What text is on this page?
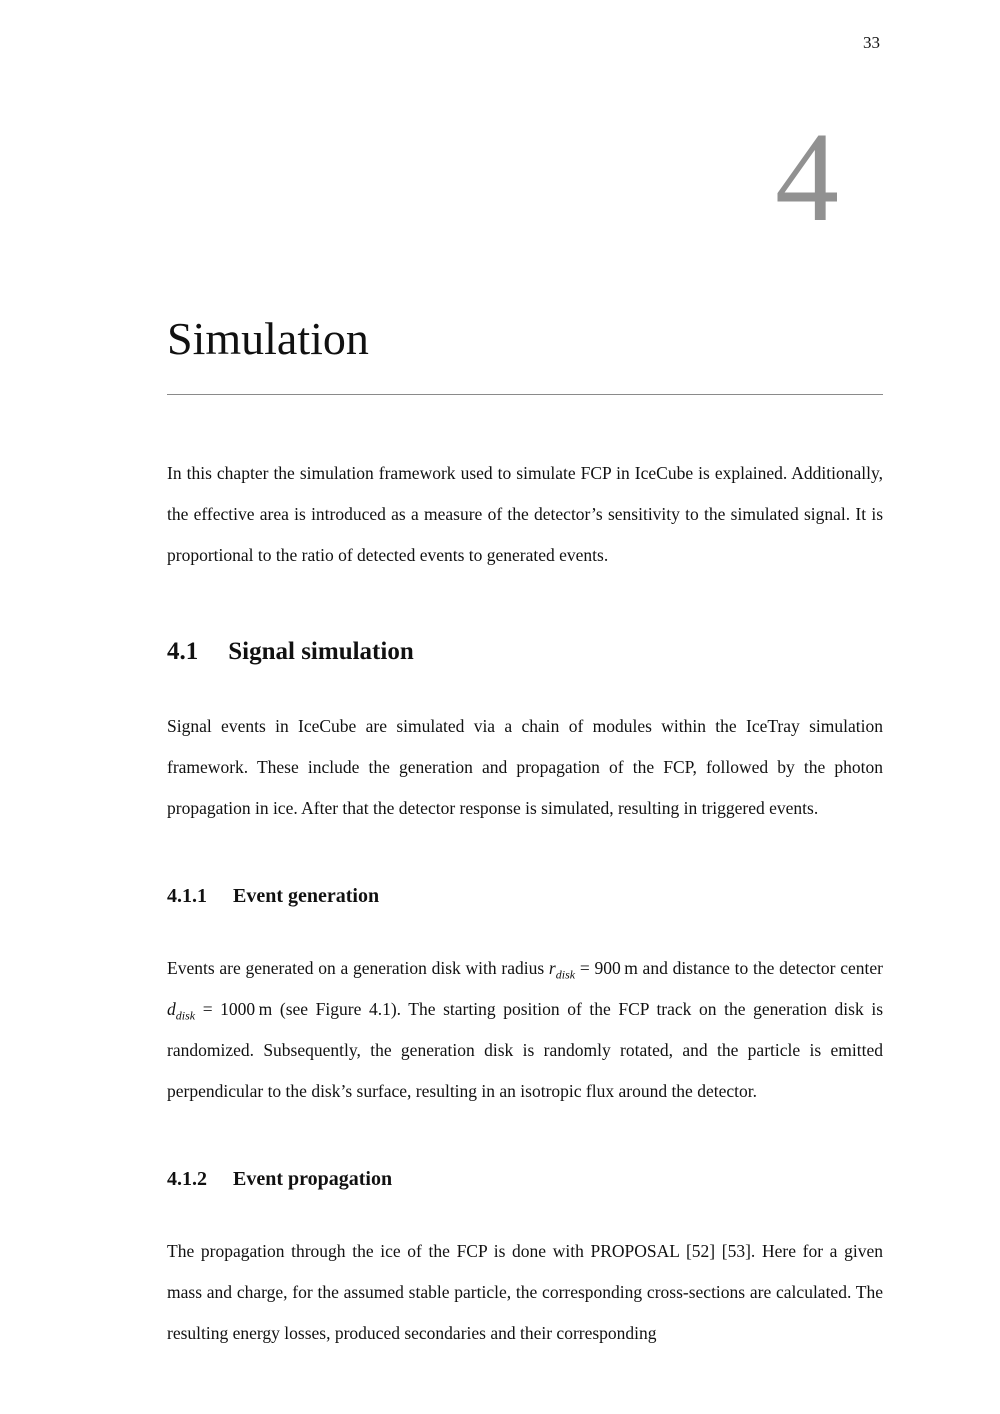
33
4
Simulation

In this chapter the simulation framework used to simulate FCP in IceCube is explained. Additionally, the effective area is introduced as a measure of the detector’s sensitivity to the simulated signal. It is proportional to the ratio of detected events to generated events.

4.1 Signal simulation

Signal events in IceCube are simulated via a chain of modules within the IceTray simulation framework. These include the generation and propagation of the FCP, followed by the photon propagation in ice. After that the detector response is simulated, resulting in triggered events.

4.1.1 Event generation

Events are generated on a generation disk with radius $r_{disk} = 900$ m and distance to the detector center $d_{disk} = 1000$ m (see Figure 4.1). The starting position of the FCP track on the generation disk is randomized. Subsequently, the generation disk is randomly rotated, and the particle is emitted perpendicular to the disk’s surface, resulting in an isotropic flux around the detector.

4.1.2 Event propagation

The propagation through the ice of the FCP is done with PROPOSAL [52] [53]. Here for a given mass and charge, for the assumed stable particle, the corresponding cross-sections are calculated. The resulting energy losses, produced secondaries and their corresponding
